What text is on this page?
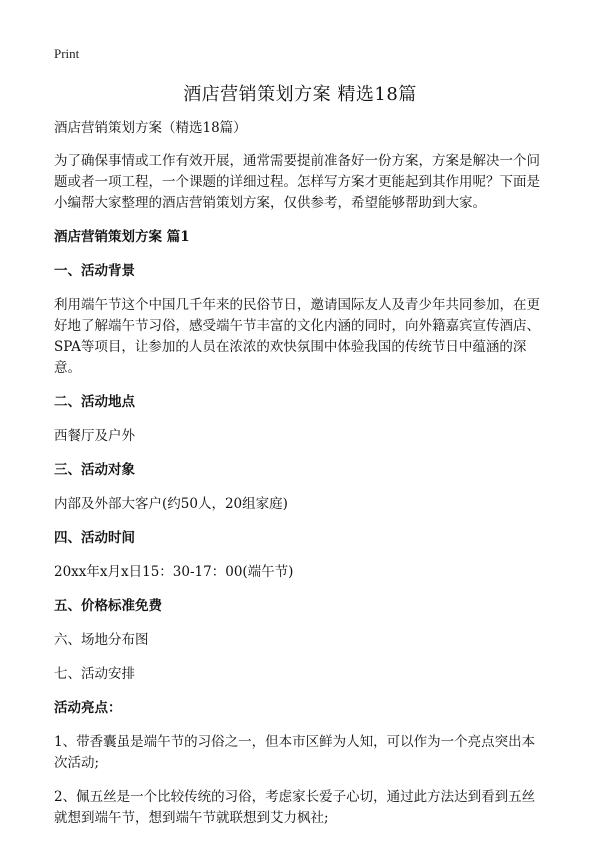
Print
酒店营销策划方案 精选18篇

酒店营销策划方案（精选18篇）

为了确保事情或工作有效开展，通常需要提前准备好一份方案，方案是解决一个问题或者一项工程，一个课题的详细过程。怎样写方案才更能起到其作用呢？下面是小编帮大家整理的酒店营销策划方案，仅供参考，希望能够帮助到大家。

酒店营销策划方案 篇1

一、活动背景

利用端午节这个中国几千年来的民俗节日，邀请国际友人及青少年共同参加，在更好地了解端午节习俗，感受端午节丰富的文化内涵的同时，向外籍嘉宾宣传酒店、SPA等项目，让参加的人员在浓浓的欢快氛围中体验我国的传统节日中蕴涵的深意。

二、活动地点

西餐厅及户外

三、活动对象

内部及外部大客户(约50人，20组家庭)

四、活动时间

20xx年x月x日15：30-17：00(端午节)

五、价格标准免费

六、场地分布图

七、活动安排

活动亮点：

1、带香囊虽是端午节的习俗之一，但本市区鲜为人知，可以作为一个亮点突出本次活动;

2、佩五丝是一个比较传统的习俗，考虑家长爱子心切，通过此方法达到看到五丝就想到端午节，想到端午节就联想到艾力枫社;
